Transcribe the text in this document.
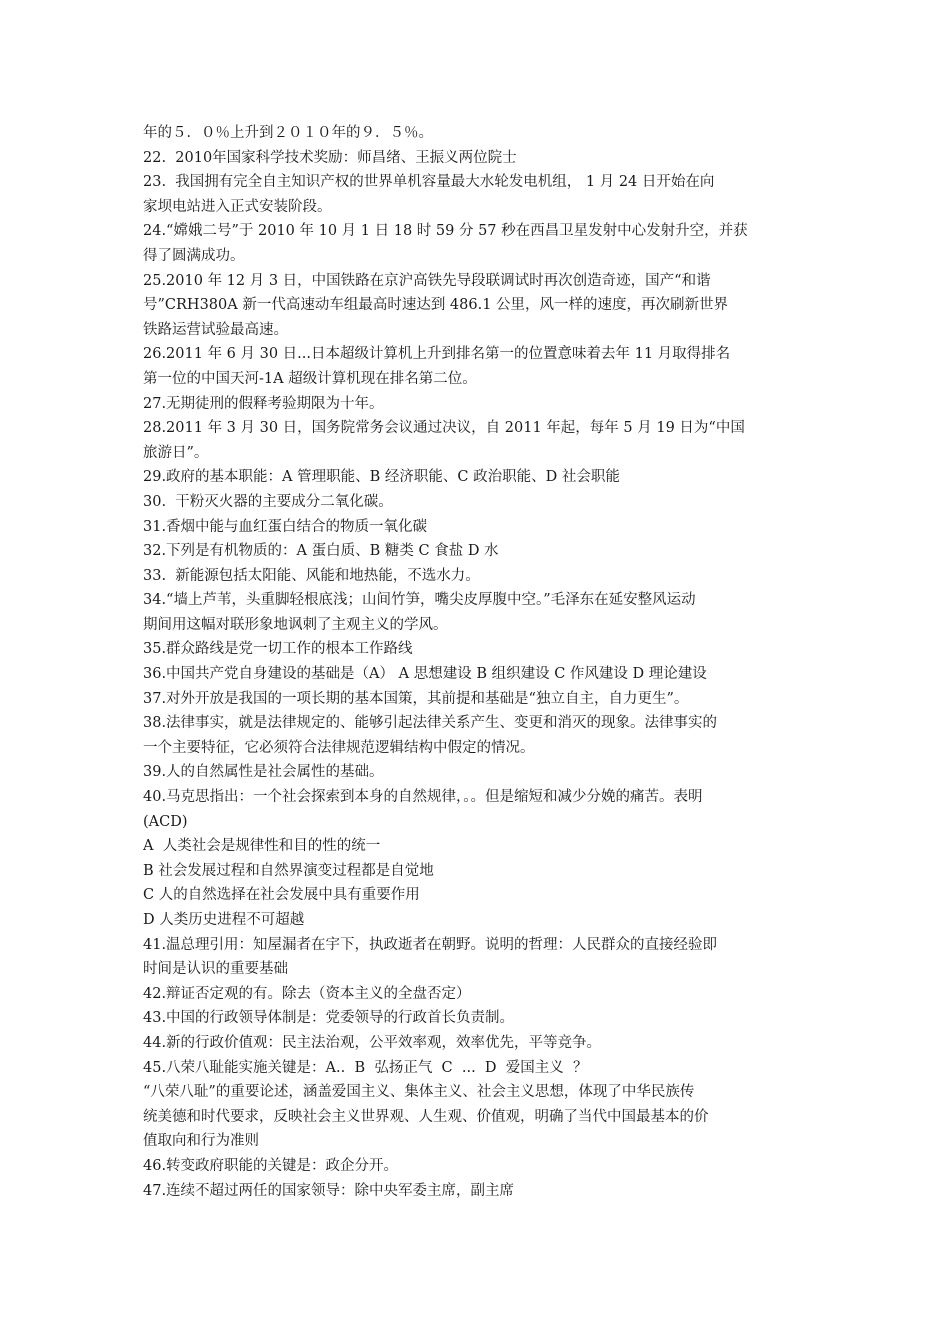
年的５．０％上升到２０１０年的９．５％。
22.  2010年国家科学技术奖励：师昌绪、王振义两位院士
23.  我国拥有完全自主知识产权的世界单机容量最大水轮发电机组， 1 月 24 日开始在向
家坝电站进入正式安装阶段。
24.“嫦娥二号”于 2010 年 10 月 1 日 18 时 59 分 57 秒在西昌卫星发射中心发射升空，并获
得了圆满成功。
25.2010 年 12 月 3 日，中国铁路在京沪高铁先导段联调试时再次创造奇迹，国产“和谐
号”CRH380A 新一代高速动车组最高时速达到 486.1 公里，风一样的速度，再次刷新世界
铁路运营试验最高速。
26.2011 年 6 月 30 日...日本超级计算机上升到排名第一的位置意味着去年 11 月取得排名
第一位的中国天河-1A 超级计算机现在排名第二位。
27.无期徒刑的假释考验期限为十年。
28.2011 年 3 月 30 日，国务院常务会议通过决议，自 2011 年起，每年 5 月 19 日为“中国
旅游日”。
29.政府的基本职能：A 管理职能、B 经济职能、C 政治职能、D 社会职能
30.  干粉灭火器的主要成分二氧化碳。
31.香烟中能与血红蛋白结合的物质一氧化碳
32.下列是有机物质的：A 蛋白质、B 糖类 C 食盐 D 水
33.  新能源包括太阳能、风能和地热能，不选水力。
34.“墙上芦苇，头重脚轻根底浅；山间竹笋，嘴尖皮厚腹中空。”毛泽东在延安整风运动
期间用这幅对联形象地讽刺了主观主义的学风。
35.群众路线是党一切工作的根本工作路线
36.中国共产党自身建设的基础是（A） A 思想建设 B 组织建设 C 作风建设 D 理论建设
37.对外开放是我国的一项长期的基本国策，其前提和基础是“独立自主，自力更生”。
38.法律事实，就是法律规定的、能够引起法律关系产生、变更和消灭的现象。法律事实的
一个主要特征，它必须符合法律规范逻辑结构中假定的情况。
39.人的自然属性是社会属性的基础。
40.马克思指出：一个社会探索到本身的自然规律，。。但是缩短和减少分娩的痛苦。表明
(ACD)
A  人类社会是规律性和目的性的统一
B 社会发展过程和自然界演变过程都是自觉地
C 人的自然选择在社会发展中具有重要作用
D 人类历史进程不可超越
41.温总理引用：知屋漏者在宇下，执政逝者在朝野。说明的哲理：人民群众的直接经验即
时间是认识的重要基础
42.辩证否定观的有。除去（资本主义的全盘否定）
43.中国的行政领导体制是：党委领导的行政首长负责制。
44.新的行政价值观：民主法治观，公平效率观，效率优先，平等竞争。
45.八荣八耻能实施关键是：A..  B  弘扬正气  C  ...  D  爱国主义  ？
“八荣八耻”的重要论述，涵盖爱国主义、集体主义、社会主义思想，体现了中华民族传
统美德和时代要求，反映社会主义世界观、人生观、价值观，明确了当代中国最基本的价
值取向和行为准则
46.转变政府职能的关键是：政企分开。
47.连续不超过两任的国家领导：除中央军委主席，副主席
